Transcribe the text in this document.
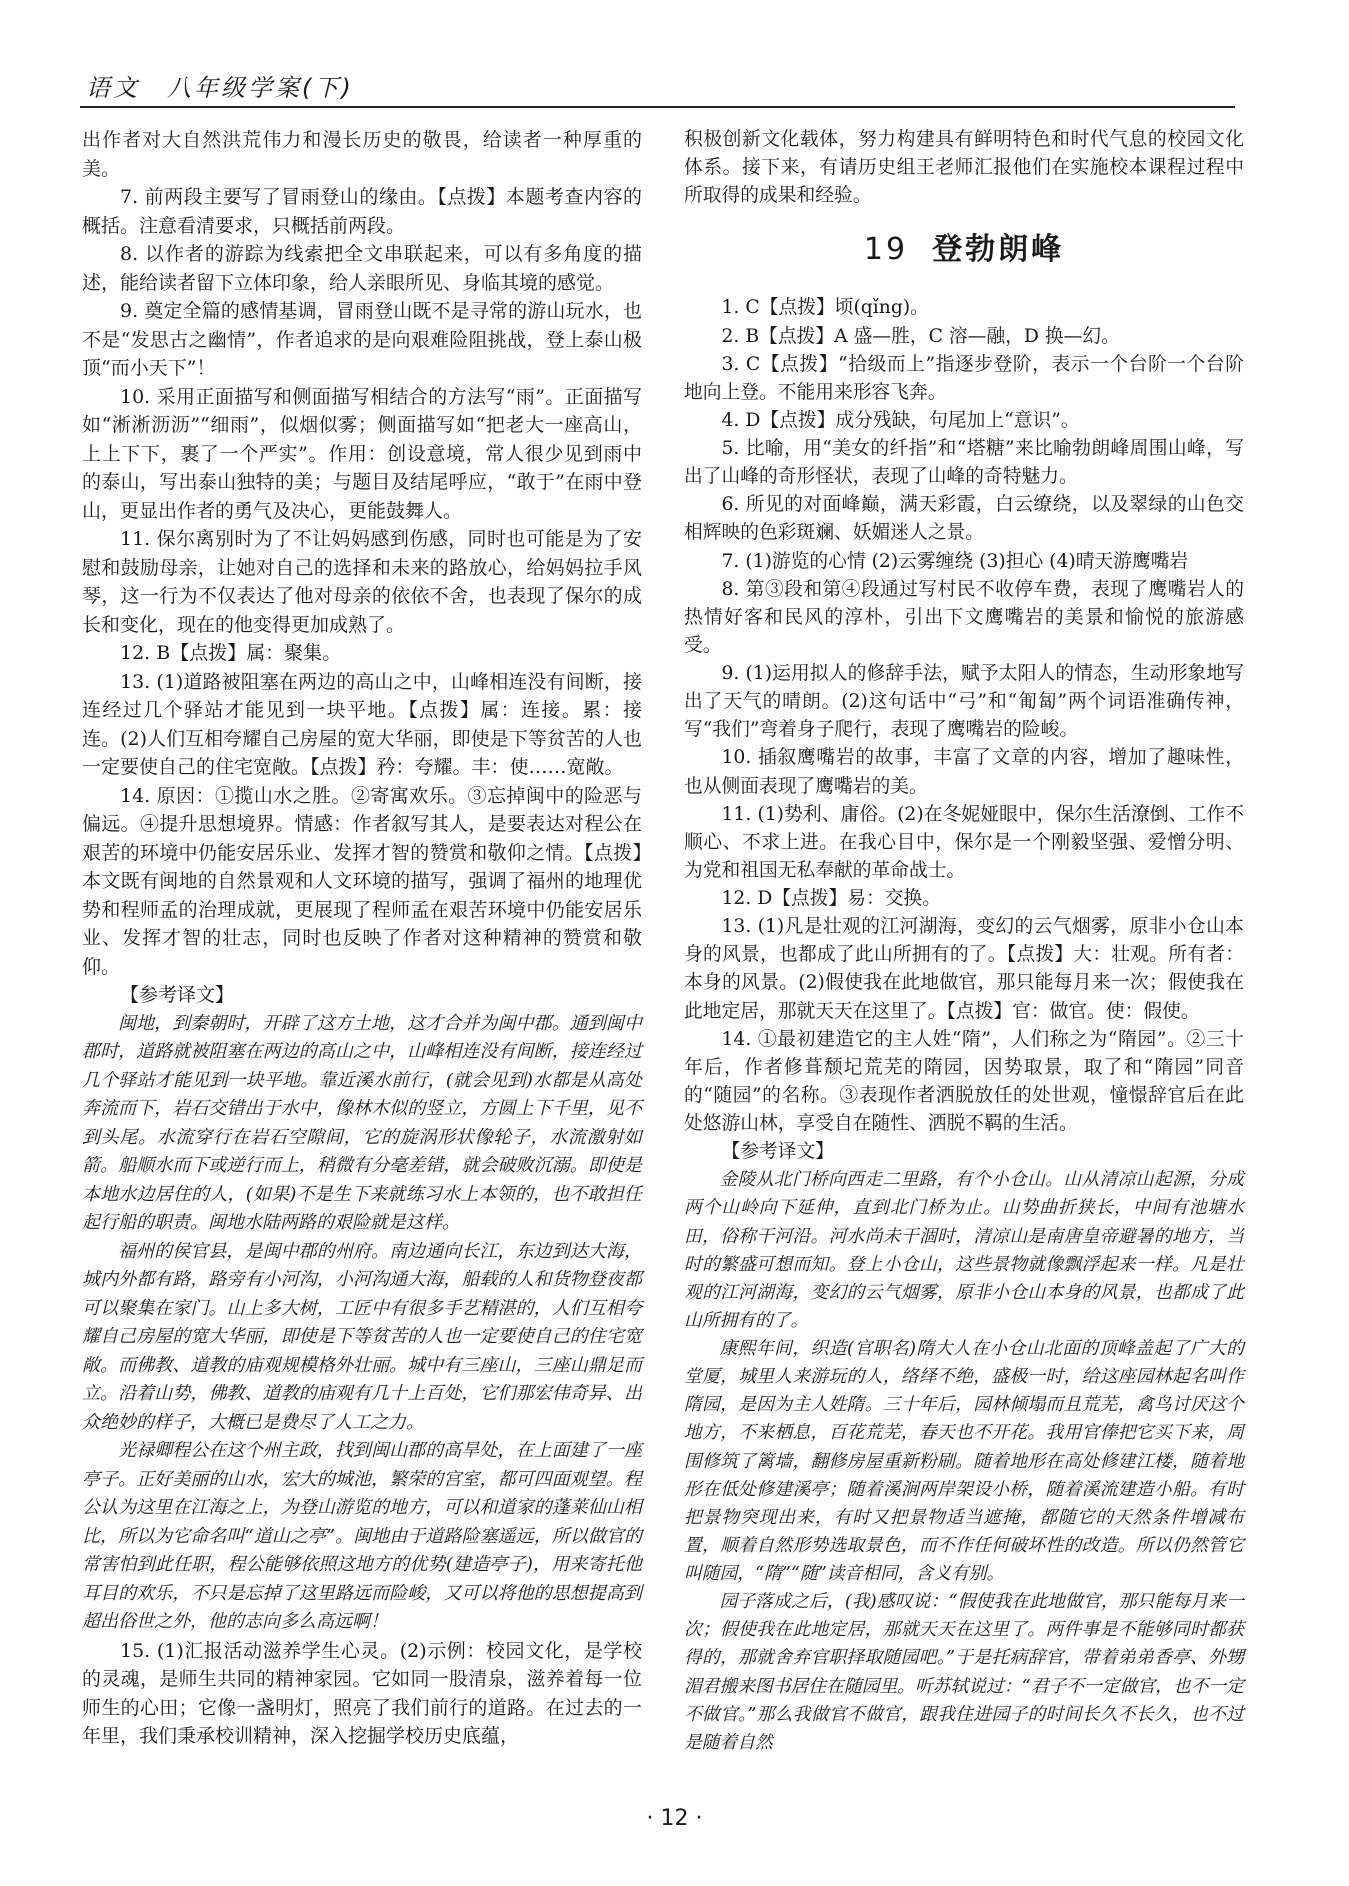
语文　八年级学案(下)

出作者对大自然洪荒伟力和漫长历史的敬畏，给读者一种厚重的美。

7. 前两段主要写了冒雨登山的缘由。【点拨】本题考查内容的概括。注意看清要求，只概括前两段。

8. 以作者的游踪为线索把全文串联起来，可以有多角度的描述，能给读者留下立体印象，给人亲眼所见、身临其境的感觉。

9. 奠定全篇的感情基调，冒雨登山既不是寻常的游山玩水，也不是“发思古之幽情”，作者追求的是向艰难险阻挑战，登上泰山极顶“而小天下”！

10. 采用正面描写和侧面描写相结合的方法写“雨”。正面描写如“淅淅沥沥”“细雨”，似烟似雾；侧面描写如“把老大一座高山，上上下下，裹了一个严实”。作用：创设意境，常人很少见到雨中的泰山，写出泰山独特的美；与题目及结尾呼应，“敢于”在雨中登山，更显出作者的勇气及决心，更能鼓舞人。

11. 保尔离别时为了不让妈妈感到伤感，同时也可能是为了安慰和鼓励母亲，让她对自己的选择和未来的路放心，给妈妈拉手风琴，这一行为不仅表达了他对母亲的依依不舍，也表现了保尔的成长和变化，现在的他变得更加成熟了。

12. B【点拨】属：聚集。

13. (1)道路被阻塞在两边的高山之中，山峰相连没有间断，接连经过几个驿站才能见到一块平地。【点拨】属：连接。累：接连。(2)人们互相夸耀自己房屋的宽大华丽，即使是下等贫苦的人也一定要使自己的住宅宽敞。【点拨】矜：夸耀。丰：使……宽敞。

14. 原因：①揽山水之胜。②寄寓欢乐。③忘掉闽中的险恶与偏远。④提升思想境界。情感：作者叙写其人，是要表达对程公在艰苦的环境中仍能安居乐业、发挥才智的赞赏和敬仰之情。【点拨】本文既有闽地的自然景观和人文环境的描写，强调了福州的地理优势和程师孟的治理成就，更展现了程师孟在艰苦环境中仍能安居乐业、发挥才智的壮志，同时也反映了作者对这种精神的赞赏和敬仰。

【参考译文】

闽地，到秦朝时，开辟了这方土地，这才合并为闽中郡。通到闽中郡时，道路就被阻塞在两边的高山之中，山峰相连没有间断，接连经过几个驿站才能见到一块平地。靠近溪水前行，(就会见到)水都是从高处奔流而下，岩石交错出于水中，像林木似的竖立，方圆上下千里，见不到头尾。水流穿行在岩石空隙间，它的旋涡形状像轮子，水流激射如箭。船顺水而下或逆行而上，稍微有分毫差错，就会破败沉溺。即使是本地水边居住的人，(如果)不是生下来就练习水上本领的，也不敢担任起行船的职责。闽地水陆两路的艰险就是这样。

福州的侯官县，是闽中郡的州府。南边通向长江，东边到达大海，城内外都有路，路旁有小河沟，小河沟通大海，船载的人和货物登夜都可以聚集在家门。山上多大树，工匠中有很多手艺精湛的，人们互相夸耀自己房屋的宽大华丽，即使是下等贫苦的人也一定要使自己的住宅宽敞。而佛教、道教的庙观规模格外壮丽。城中有三座山，三座山鼎足而立。沿着山势，佛教、道教的庙观有几十上百处，它们那宏伟奇异、出众绝妙的样子，大概已是费尽了人工之力。

光禄卿程公在这个州主政，找到闽山郡的高旱处，在上面建了一座亭子。正好美丽的山水，宏大的城池，繁荣的宫室，都可四面观望。程公认为这里在江海之上，为登山游览的地方，可以和道家的蓬莱仙山相比，所以为它命名叫“道山之亭”。闽地由于道路险塞遥远，所以做官的常害怕到此任职，程公能够依照这地方的优势(建造亭子)，用来寄托他耳目的欢乐，不只是忘掉了这里路远而险峻，又可以将他的思想提高到超出俗世之外，他的志向多么高远啊！

15. (1)汇报活动滋养学生心灵。(2)示例：校园文化，是学校的灵魂，是师生共同的精神家园。它如同一股清泉，滋养着每一位师生的心田；它像一盏明灯，照亮了我们前行的道路。在过去的一年里，我们秉承校训精神，深入挖掘学校历史底蕴，

积极创新文化载体，努力构建具有鲜明特色和时代气息的校园文化体系。接下来，有请历史组王老师汇报他们在实施校本课程过程中所取得的成果和经验。

19 登勃朗峰

1. C【点拨】顷(qǐng)。

2. B【点拨】A 盛—胜，C 溶—融，D 换—幻。

3. C【点拨】“拾级而上”指逐步登阶，表示一个台阶一个台阶地向上登。不能用来形容飞奔。

4. D【点拨】成分残缺，句尾加上“意识”。

5. 比喻，用“美女的纤指”和“塔糖”来比喻勃朗峰周围山峰，写出了山峰的奇形怪状，表现了山峰的奇特魅力。

6. 所见的对面峰巅，满天彩霞，白云缭绕，以及翠绿的山色交相辉映的色彩斑斓、妖媚迷人之景。

7. (1)游览的心情 (2)云雾缠绕 (3)担心 (4)晴天游鹰嘴岩

8. 第③段和第④段通过写村民不收停车费，表现了鹰嘴岩人的热情好客和民风的淳朴，引出下文鹰嘴岩的美景和愉悦的旅游感受。

9. (1)运用拟人的修辞手法，赋予太阳人的情态，生动形象地写出了天气的晴朗。(2)这句话中“弓”和“匍匐”两个词语准确传神，写“我们”弯着身子爬行，表现了鹰嘴岩的险峻。

10. 插叙鹰嘴岩的故事，丰富了文章的内容，增加了趣味性，也从侧面表现了鹰嘴岩的美。

11. (1)势利、庸俗。(2)在冬妮娅眼中，保尔生活潦倒、工作不顺心、不求上进。在我心目中，保尔是一个刚毅坚强、爱憎分明、为党和祖国无私奉献的革命战士。

12. D【点拨】易：交换。

13. (1)凡是壮观的江河湖海，变幻的云气烟雾，原非小仓山本身的风景，也都成了此山所拥有的了。【点拨】大：壮观。所有者：本身的风景。(2)假使我在此地做官，那只能每月来一次；假使我在此地定居，那就天天在这里了。【点拨】官：做官。使：假使。

14. ①最初建造它的主人姓“隋”，人们称之为“隋园”。②三十年后，作者修葺颓圮荒芜的隋园，因势取景，取了和“隋园”同音的“随园”的名称。③表现作者洒脱放任的处世观，憧憬辞官后在此处悠游山林，享受自在随性、洒脱不羁的生活。

【参考译文】

金陵从北门桥向西走二里路，有个小仓山。山从清凉山起源，分成两个山岭向下延伸，直到北门桥为止。山势曲折狭长，中间有池塘水田，俗称干河沿。河水尚未干涸时，清凉山是南唐皇帝避暑的地方，当时的繁盛可想而知。登上小仓山，这些景物就像飘浮起来一样。凡是壮观的江河湖海，变幻的云气烟雾，原非小仓山本身的风景，也都成了此山所拥有的了。

康熙年间，织造(官职名)隋大人在小仓山北面的顶峰盖起了广大的堂厦，城里人来游玩的人，络绎不绝，盛极一时，给这座园林起名叫作隋园，是因为主人姓隋。三十年后，园林倾塌而且荒芜，禽鸟讨厌这个地方，不来栖息，百花荒芜，春天也不开花。我用官俸把它买下来，周围修筑了篱墙，翻修房屋重新粉刷。随着地形在高处修建江楼，随着地形在低处修建溪亭；随着溪涧两岸架设小桥，随着溪流建造小船。有时把景物突现出来，有时又把景物适当遮掩，都随它的天然条件增减布置，顺着自然形势选取景色，而不作任何破坏性的改造。所以仍然管它叫随园，“隋”“随”读音相同，含义有别。

园子落成之后，(我)感叹说：“假使我在此地做官，那只能每月来一次；假使我在此地定居，那就天天在这里了。两件事是不能够同时都获得的，那就舍弃官职择取随园吧。”于是托病辞官，带着弟弟香亭、外甥湄君搬来图书居住在随园里。听苏轼说过：“君子不一定做官，也不一定不做官。”那么我做官不做官，跟我住进园子的时间长久不长久，也不过是随着自然

· 12 ·
